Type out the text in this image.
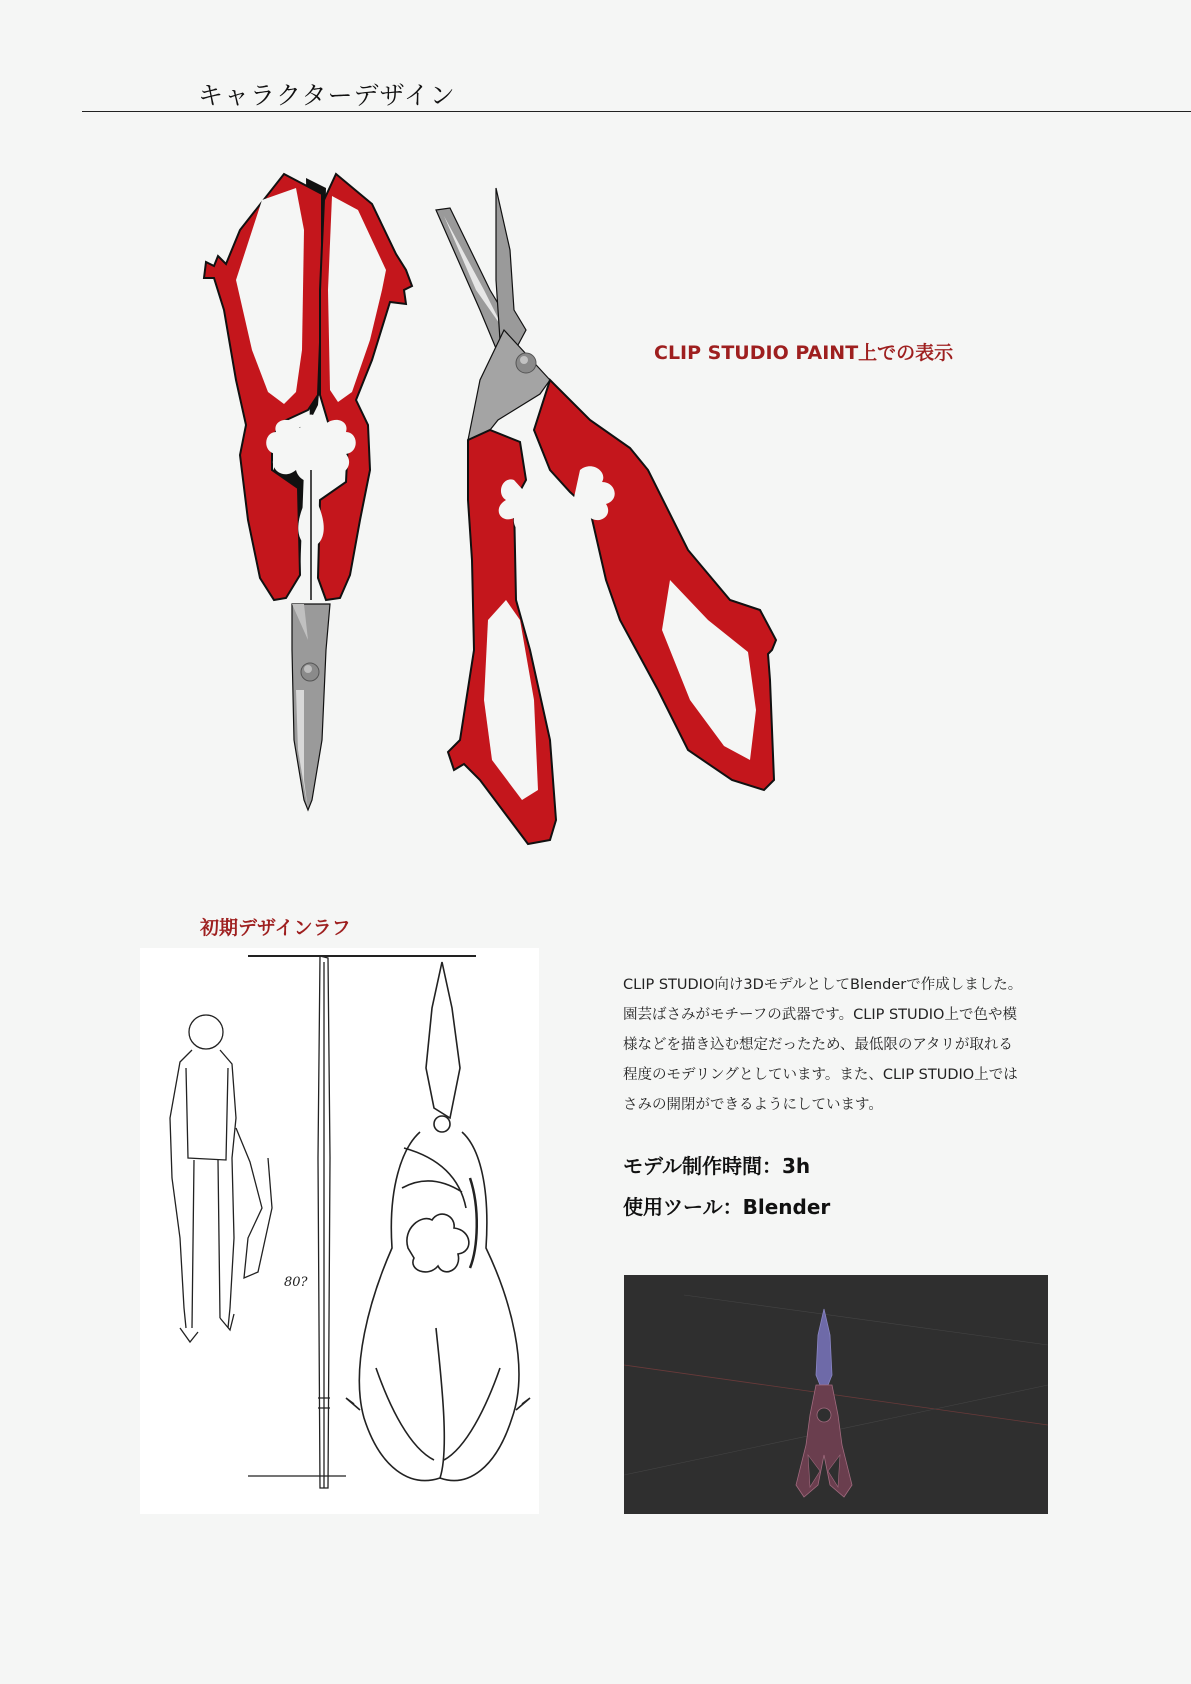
キャラクターデザイン
CLIP STUDIO PAINT上での表示
初期デザインラフ
80?

CLIP STUDIO向け3DモデルとしてBlenderで作成しました。

園芸ばさみがモチーフの武器です。CLIP STUDIO上で色や模

様などを描き込む想定だったため、最低限のアタリが取れる

程度のモデリングとしています。また、CLIP STUDIO上では

さみの開閉ができるようにしています。

モデル制作時間：3h
使用ツール：Blender
